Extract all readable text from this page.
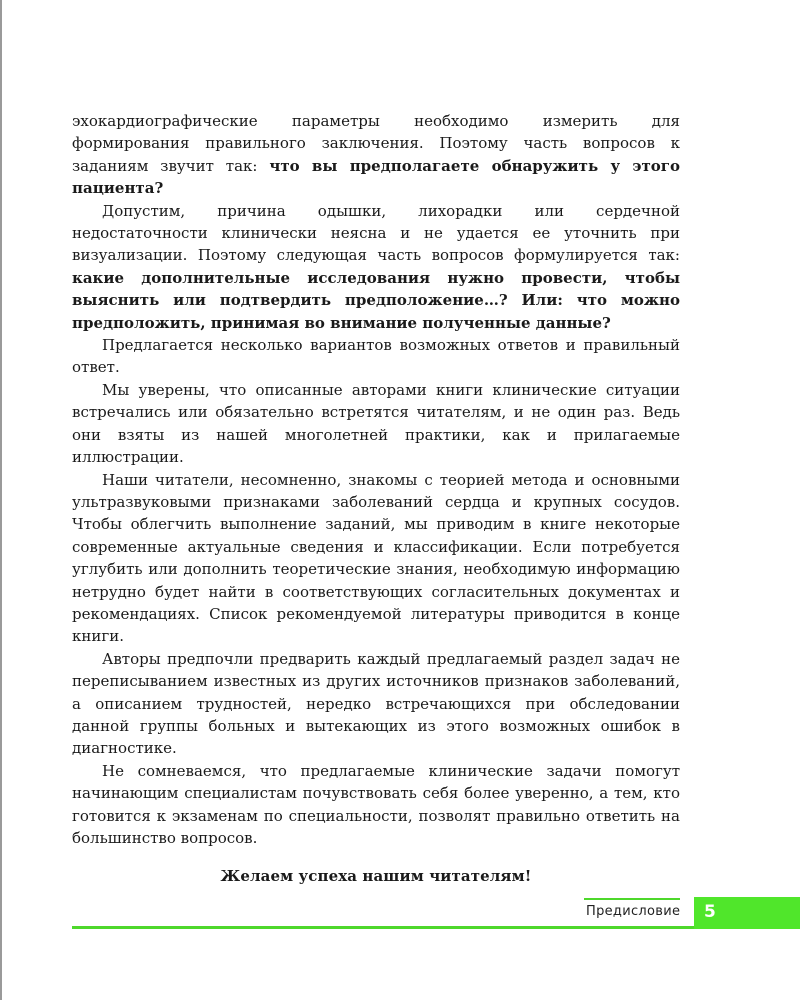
эхокардиографические параметры необходимо измерить для формирования правильного заключения. Поэтому часть вопросов к заданиям звучит так: что вы предполагаете обнаружить у этого пациента?

Допустим, причина одышки, лихорадки или сердечной недостаточности клинически неясна и не удается ее уточнить при визуализации. Поэтому следующая часть вопросов формулируется так: какие дополнительные исследования нужно провести, чтобы выяснить или подтвердить предположение…? Или: что можно предположить, принимая во внимание полученные данные?

Предлагается несколько вариантов возможных ответов и правильный ответ.

Мы уверены, что описанные авторами книги клинические ситуации встречались или обязательно встретятся читателям, и не один раз. Ведь они взяты из нашей многолетней практики, как и прилагаемые иллюстрации.

Наши читатели, несомненно, знакомы с теорией метода и основными ультразвуковыми признаками заболеваний сердца и крупных сосудов. Чтобы облегчить выполнение заданий, мы приводим в книге некоторые современные актуальные сведения и классификации. Если потребуется углубить или дополнить теоретические знания, необходимую информацию нетрудно будет найти в соответствующих согласительных документах и рекомендациях. Список рекомендуемой литературы приводится в конце книги.

Авторы предпочли предварить каждый предлагаемый раздел задач не переписыванием известных из других источников признаков заболеваний, а описанием трудностей, нередко встречающихся при обследовании данной группы больных и вытекающих из этого возможных ошибок в диагностике.

Не сомневаемся, что предлагаемые клинические задачи помогут начинающим специалистам почувствовать себя более уверенно, а тем, кто готовится к экзаменам по специальности, позволят правильно ответить на большинство вопросов.

Желаем успеха нашим читателям!

Предисловие 5
